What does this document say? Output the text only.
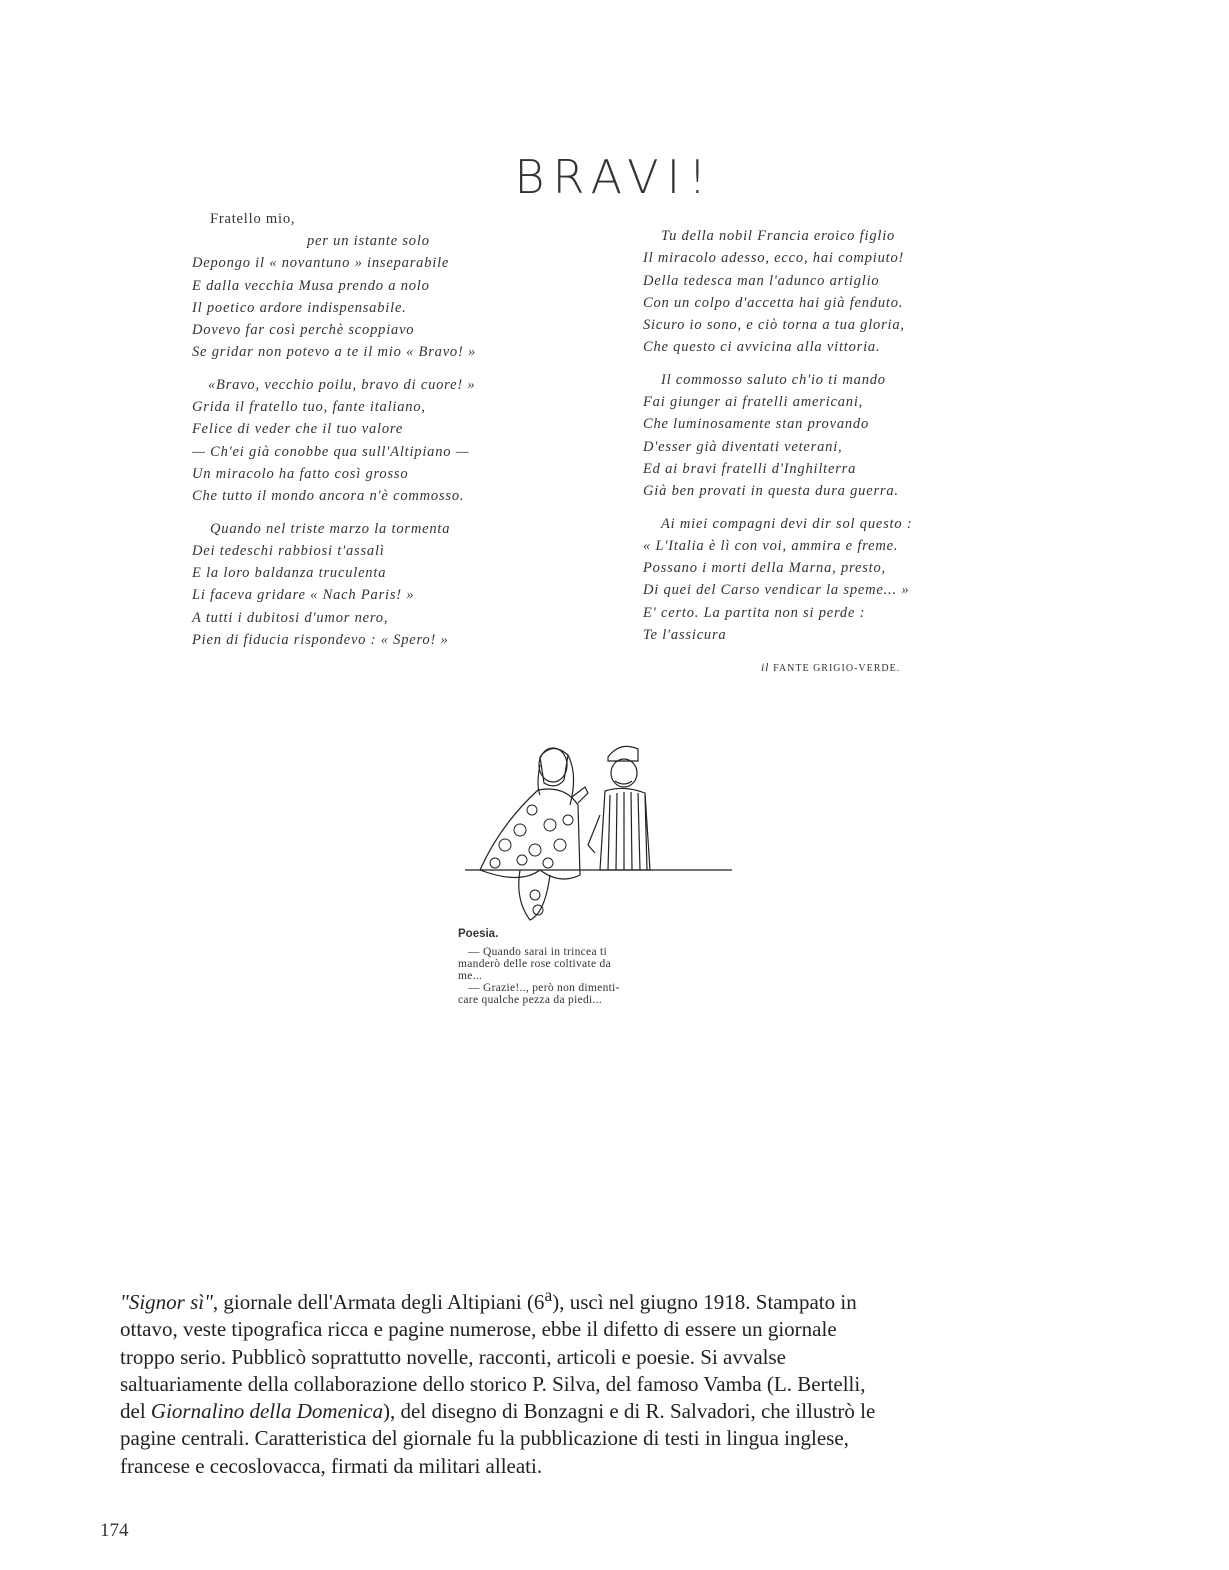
BRAVI!
Fratello mio,
per un istante solo
Depongo il « novantuno » inseparabile
E dalla vecchia Musa prendo a nolo
Il poetico ardore indispensabile.
Dovevo far così perchè scoppiavo
Se gridar non potevo a te il mio « Bravo! »
«Bravo, vecchio poilu, bravo di cuore! »
Grida il fratello tuo, fante italiano,
Felice di veder che il tuo valore
— Ch'ei già conobbe qua sull'Altipiano —
Un miracolo ha fatto così grosso
Che tutto il mondo ancora n'è commosso.
Quando nel triste marzo la tormenta
Dei tedeschi rabbiosi t'assalì
E la loro baldanza truculenta
Li faceva gridare « Nach Paris! »
A tutti i dubitosi d'umor nero,
Pien di fiducia rispondevo : « Spero! »
Tu della nobil Francia eroico figlio
Il miracolo adesso, ecco, hai compiuto!
Della tedesca man l'adunco artiglio
Con un colpo d'accetta hai già fenduto.
Sicuro io sono, e ciò torna a tua gloria,
Che questo ci avvicina alla vittoria.
Il commosso saluto ch'io ti mando
Fai giunger ai fratelli americani,
Che luminosamente stan provando
D'esser già diventati veterani,
Ed ai bravi fratelli d'Inghilterra
Già ben provati in questa dura guerra.
Ai miei compagni devi dir sol questo :
« L'Italia è lì con voi, ammira e freme.
Possano i morti della Marna, presto,
Di quei del Carso vendicar la speme... »
E' certo. La partita non si perde :
Te l'assicura
il FANTE GRIGIO-VERDE.
Poesia.
— Quando sarai in trincea ti
manderò delle rose coltivate da
me...
— Grazie!.., però non dimenti-
care qualche pezza da piedi...

"Signor sì", giornale dell'Armata degli Altipiani (6$^a$), uscì nel giugno 1918. Stampato in
ottavo, veste tipografica ricca e pagine numerose, ebbe il difetto di essere un giornale
troppo serio. Pubblicò soprattutto novelle, racconti, articoli e poesie. Si avvalse
saltuariamente della collaborazione dello storico P. Silva, del famoso Vamba (L. Bertelli,
del Giornalino della Domenica), del disegno di Bonzagni e di R. Salvadori, che illustrò le
pagine centrali. Caratteristica del giornale fu la pubblicazione di testi in lingua inglese,
francese e cecoslovacca, firmati da militari alleati.

174
